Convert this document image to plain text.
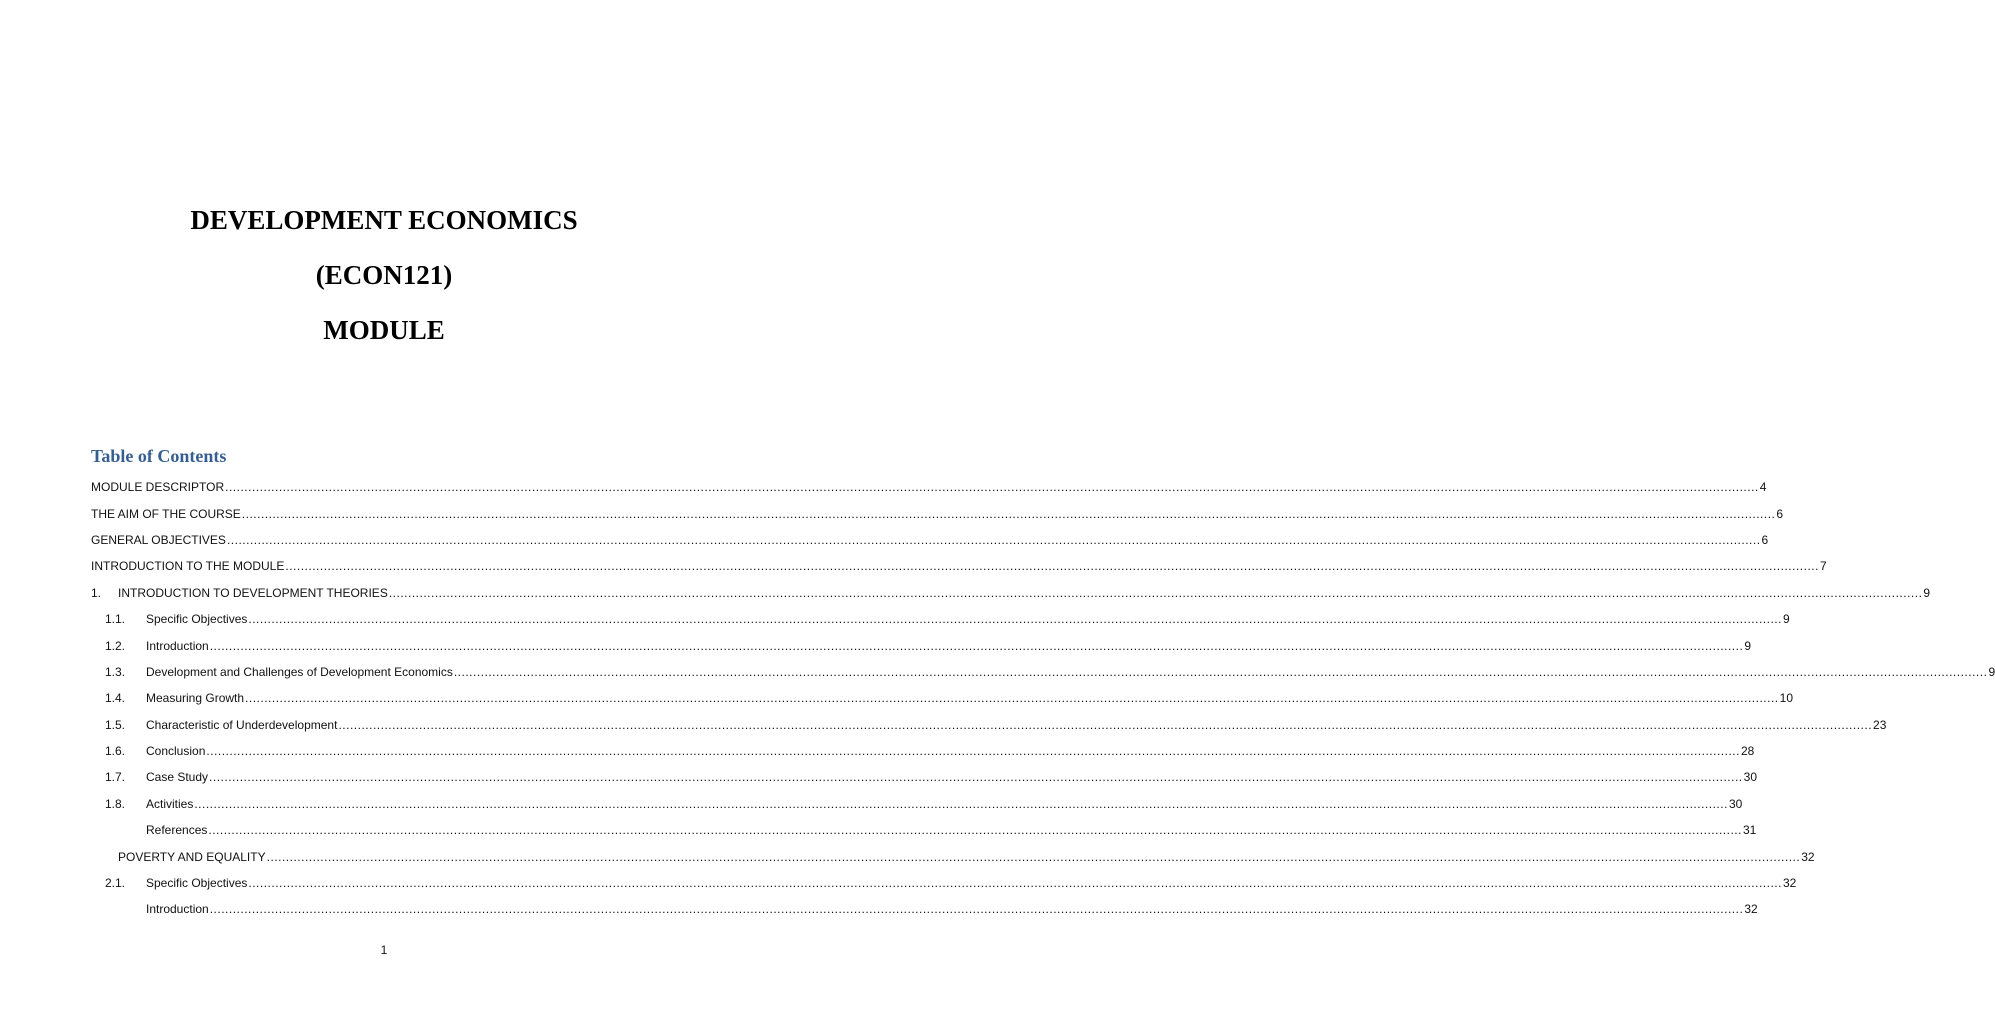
DEVELOPMENT ECONOMICS
(ECON121)
MODULE
Table of Contents
MODULE DESCRIPTOR ................................................................................................................................................................................................................................................................................................................................................................................................................ 4
THE AIM OF THE COURSE ................................................................................................................................................................................................................................................................................................................................................................................................................ 6
GENERAL OBJECTIVES ................................................................................................................................................................................................................................................................................................................................................................................................................ 6
INTRODUCTION TO THE MODULE ................................................................................................................................................................................................................................................................................................................................................................................................................ 7
1. INTRODUCTION TO DEVELOPMENT THEORIES ................................................................................................................................................................................................................................................................................................................................................................................................................ 9
1.1. Specific Objectives ................................................................................................................................................................................................................................................................................................................................................................................................................ 9
1.2. Introduction ................................................................................................................................................................................................................................................................................................................................................................................................................ 9
1.3. Development and Challenges of Development Economics ................................................................................................................................................................................................................................................................................................................................................................................................................ 9
1.4. Measuring Growth ................................................................................................................................................................................................................................................................................................................................................................................................................ 10
1.5. Characteristic of Underdevelopment ................................................................................................................................................................................................................................................................................................................................................................................................................ 23
1.6. Conclusion ................................................................................................................................................................................................................................................................................................................................................................................................................ 28
1.7. Case Study ................................................................................................................................................................................................................................................................................................................................................................................................................ 30
1.8. Activities ................................................................................................................................................................................................................................................................................................................................................................................................................ 30
References ................................................................................................................................................................................................................................................................................................................................................................................................................ 31
POVERTY AND EQUALITY ................................................................................................................................................................................................................................................................................................................................................................................................................ 32
2.1. Specific Objectives ................................................................................................................................................................................................................................................................................................................................................................................................................ 32
Introduction ................................................................................................................................................................................................................................................................................................................................................................................................................ 32
1
